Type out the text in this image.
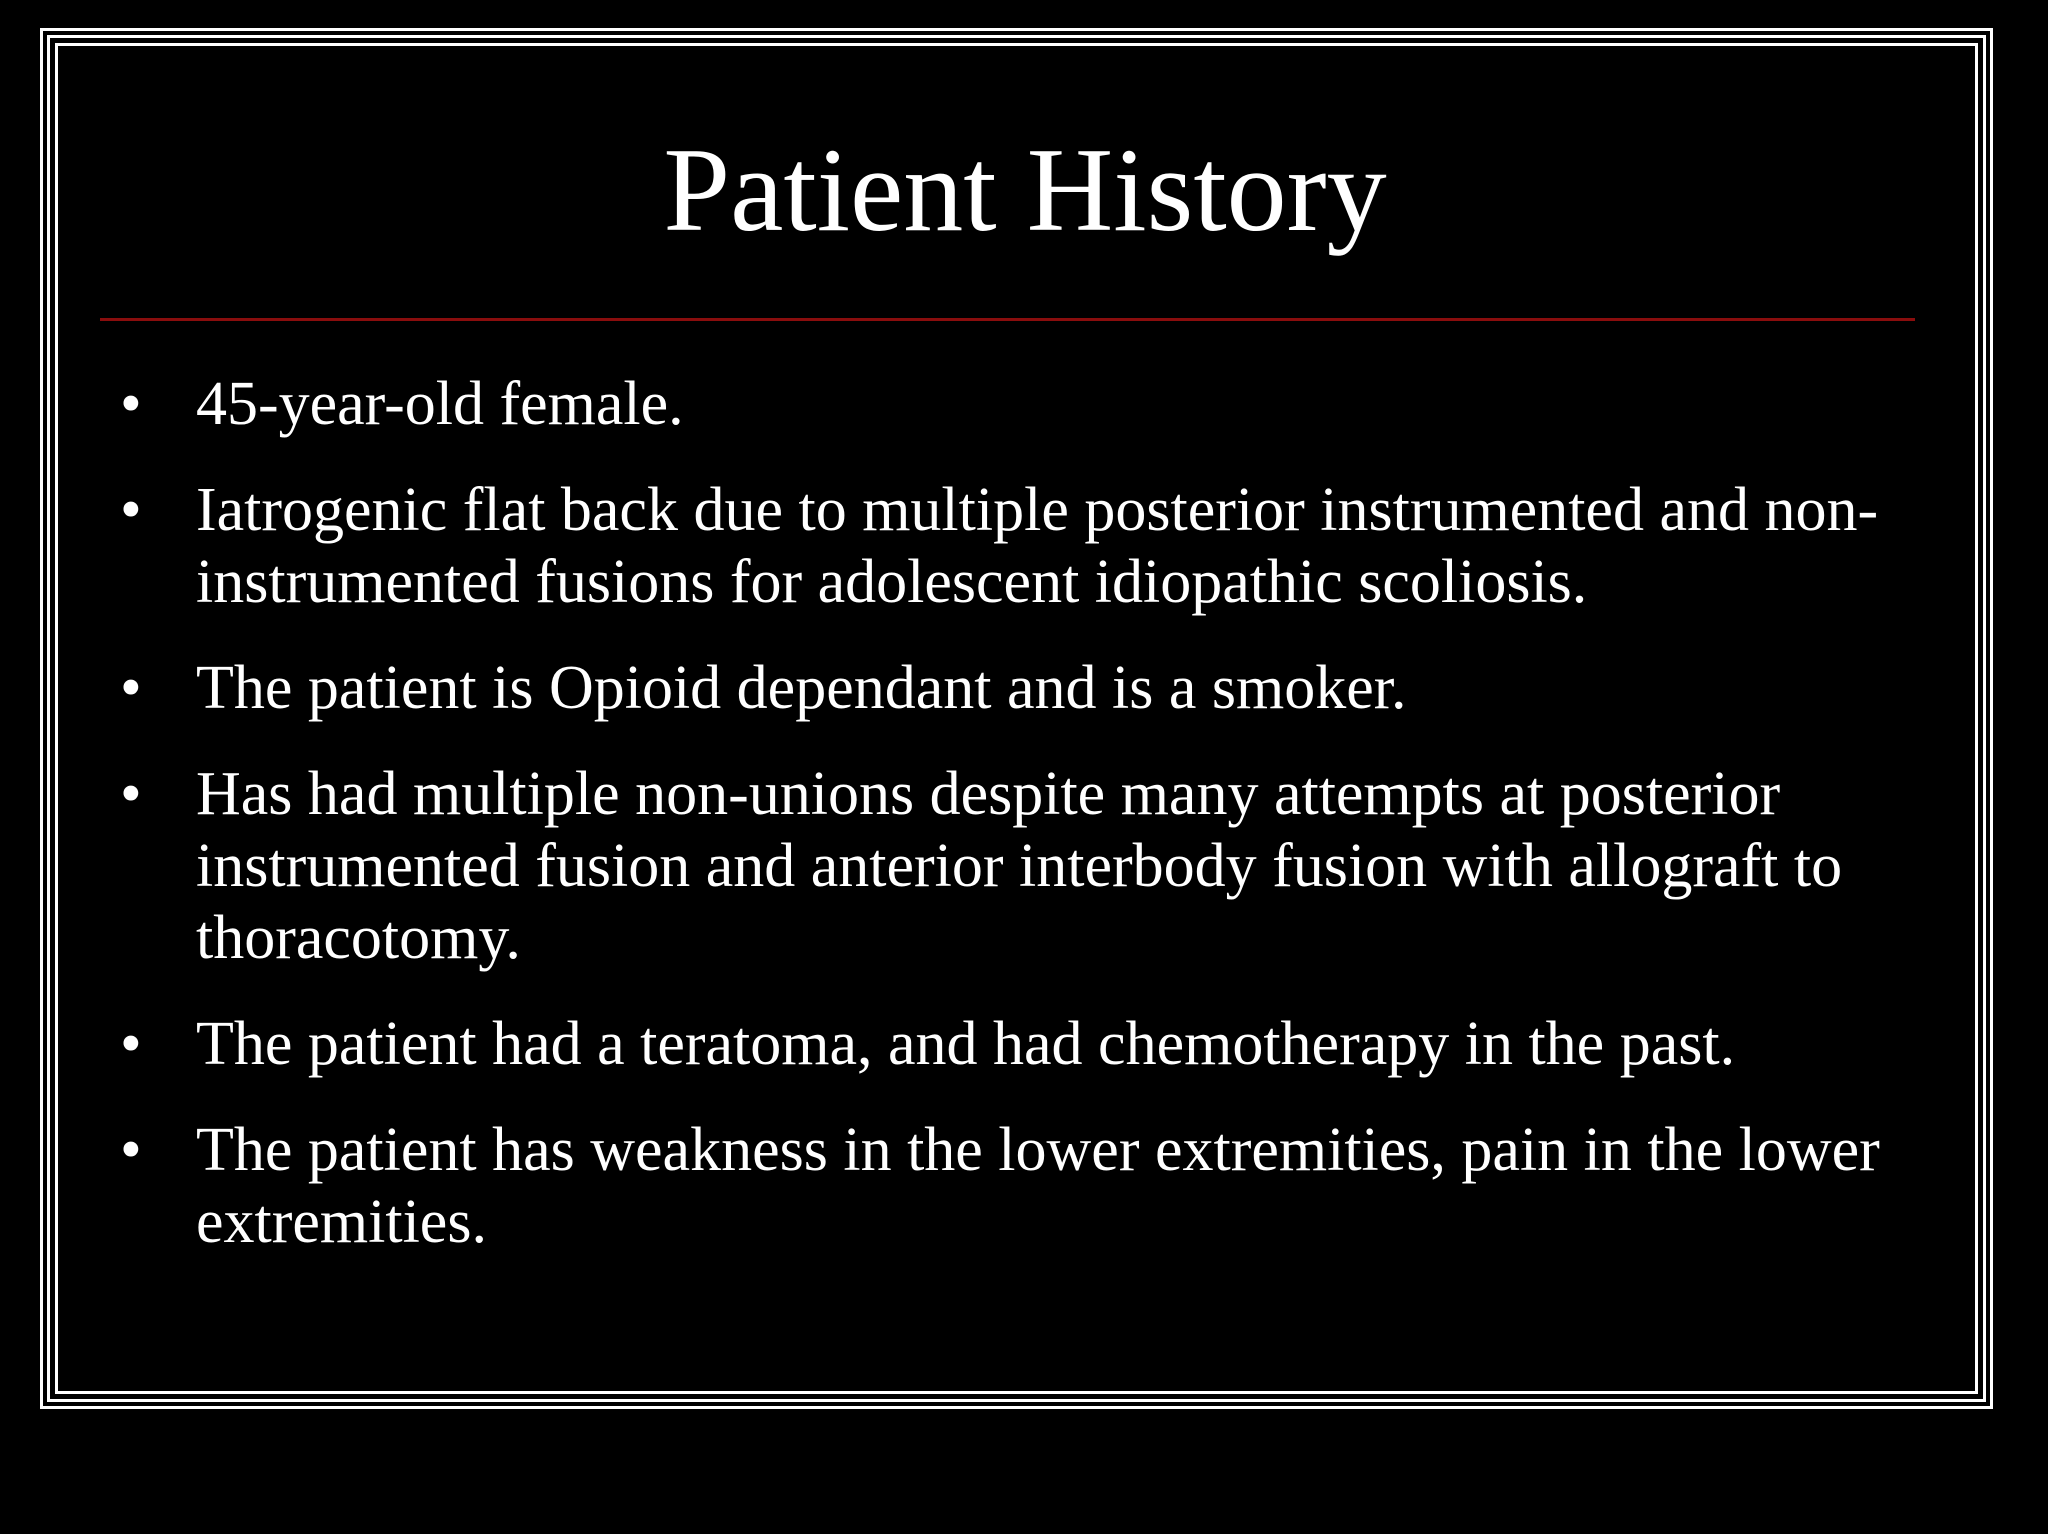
Patient History
• 45-year-old female.
• Iatrogenic flat back due to multiple posterior instrumented and non-instrumented fusions for adolescent idiopathic scoliosis.
• The patient is Opioid dependant and is a smoker.
• Has had multiple non-unions despite many attempts at posterior instrumented fusion and anterior interbody fusion with allograft to thoracotomy.
• The patient had a teratoma, and had chemotherapy in the past.
• The patient has weakness in the lower extremities, pain in the lower extremities.
